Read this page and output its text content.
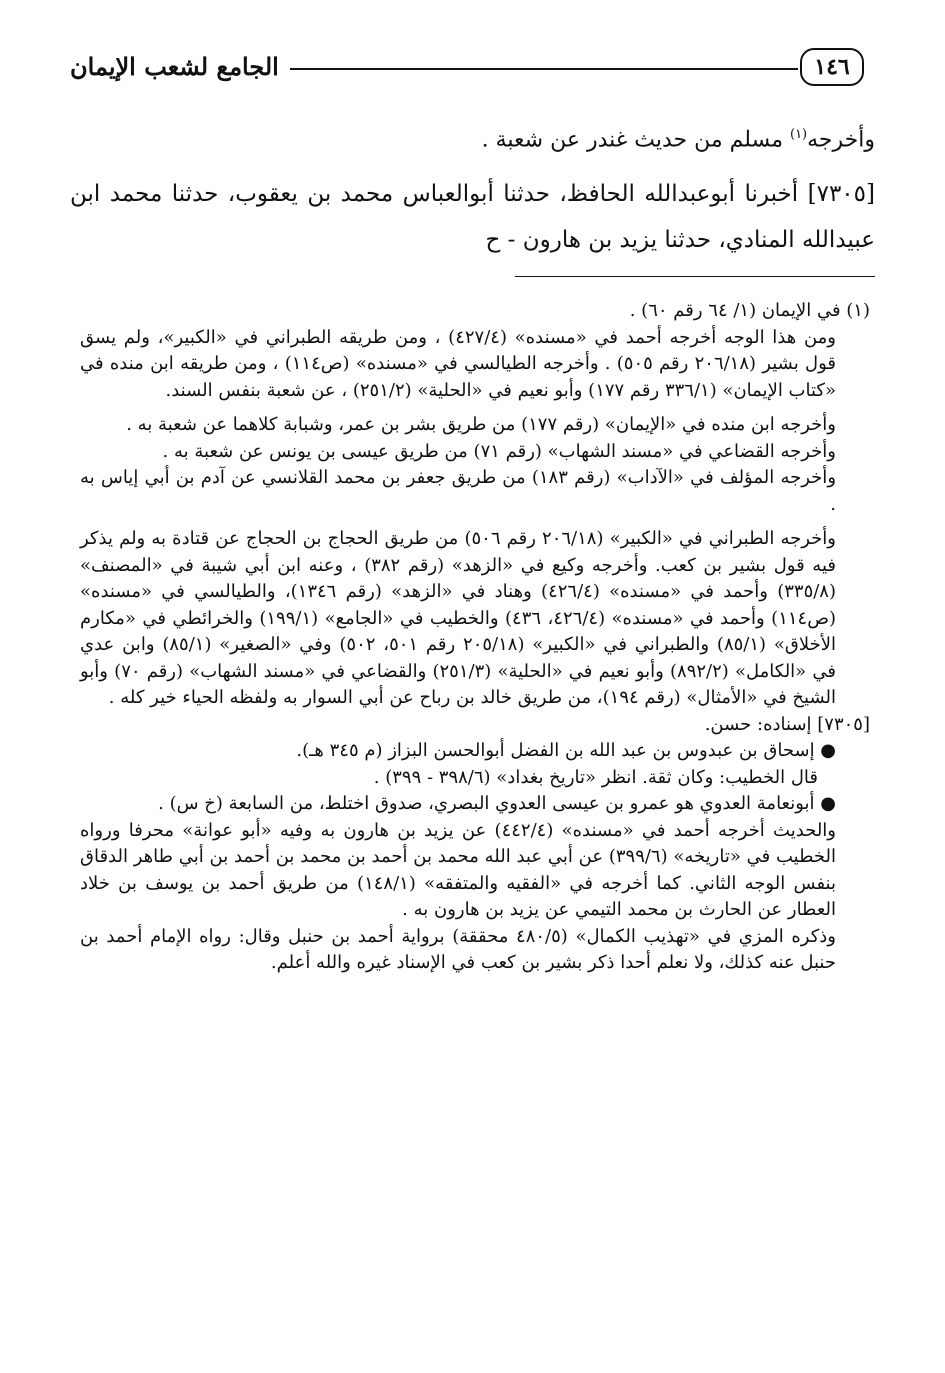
الجامع لشعب الإيمان	١٤٦

وأخرجه$^{(١)}$ مسلم من حديث غندر عن شعبة .

[٧٣٠٥] أخبرنا أبوعبدالله الحافظ، حدثنا أبوالعباس محمد بن يعقوب، حدثنا محمد ابن عبيدالله المنادي، حدثنا يزيد بن هارون - ح

(١) في الإيمان (١/ ٦٤ رقم ٦٠) .

ومن هذا الوجه أخرجه أحمد في «مسنده» (٤٢٧/٤) ، ومن طريقه الطبراني في «الكبير»، ولم يسق قول بشير (٢٠٦/١٨ رقم ٥٠٥) . وأخرجه الطيالسي في «مسنده» (ص١١٤) ، ومن طريقه ابن منده في «كتاب الإيمان» (٣٣٦/١ رقم ١٧٧) وأبو نعيم في «الحلية» (٢٥١/٢) ، عن شعبة بنفس السند.

وأخرجه ابن منده في «الإيمان» (رقم ١٧٧) من طريق بشر بن عمر، وشبابة كلاهما عن شعبة به .

وأخرجه القضاعي في «مسند الشهاب» (رقم ٧١) من طريق عيسى بن يونس عن شعبة به .

وأخرجه المؤلف في «الآداب» (رقم ١٨٣) من طريق جعفر بن محمد القلانسي عن آدم بن أبي إياس به .

وأخرجه الطبراني في «الكبير» (٢٠٦/١٨ رقم ٥٠٦) من طريق الحجاج بن الحجاج عن قتادة به ولم يذكر فيه قول بشير بن كعب. وأخرجه وكيع في «الزهد» (رقم ٣٨٢) ، وعنه ابن أبي شيبة في «المصنف» (٣٣٥/٨) وأحمد في «مسنده» (٤٢٦/٤) وهناد في «الزهد» (رقم ١٣٤٦)، والطيالسي في «مسنده» (ص١١٤) وأحمد في «مسنده» (٤٢٦/٤، ٤٣٦) والخطيب في «الجامع» (١٩٩/١) والخرائطي في «مكارم الأخلاق» (٨٥/١) والطبراني في «الكبير» (٢٠٥/١٨ رقم ٥٠١، ٥٠٢) وفي «الصغير» (٨٥/١) وابن عدي في «الكامل» (٨٩٢/٢) وأبو نعيم في «الحلية» (٢٥١/٣) والقضاعي في «مسند الشهاب» (رقم ٧٠) وأبو الشيخ في «الأمثال» (رقم ١٩٤)، من طريق خالد بن رباح عن أبي السوار به ولفظه الحياء خير كله .

[٧٣٠٥] إسناده: حسن.

● إسحاق بن عبدوس بن عبد الله بن الفضل أبوالحسن البزاز (م ٣٤٥ هـ).

قال الخطيب: وكان ثقة. انظر «تاريخ بغداد» (٣٩٨/٦ - ٣٩٩) .

● أبونعامة العدوي هو عمرو بن عيسى العدوي البصري، صدوق اختلط، من السابعة (خ س) .

والحديث أخرجه أحمد في «مسنده» (٤٤٢/٤) عن يزيد بن هارون به وفيه «أبو عوانة» محرفا ورواه الخطيب في «تاريخه» (٣٩٩/٦) عن أبي عبد الله محمد بن أحمد بن محمد بن أحمد بن أبي طاهر الدقاق بنفس الوجه الثاني. كما أخرجه في «الفقيه والمتفقه» (١٤٨/١) من طريق أحمد بن يوسف بن خلاد العطار عن الحارث بن محمد التيمي عن يزيد بن هارون به .

وذكره المزي في «تهذيب الكمال» (٤٨٠/٥ محققة) برواية أحمد بن حنبل وقال: رواه الإمام أحمد بن حنبل عنه كذلك، ولا نعلم أحدا ذكر بشير بن كعب في الإسناد غيره والله أعلم.
